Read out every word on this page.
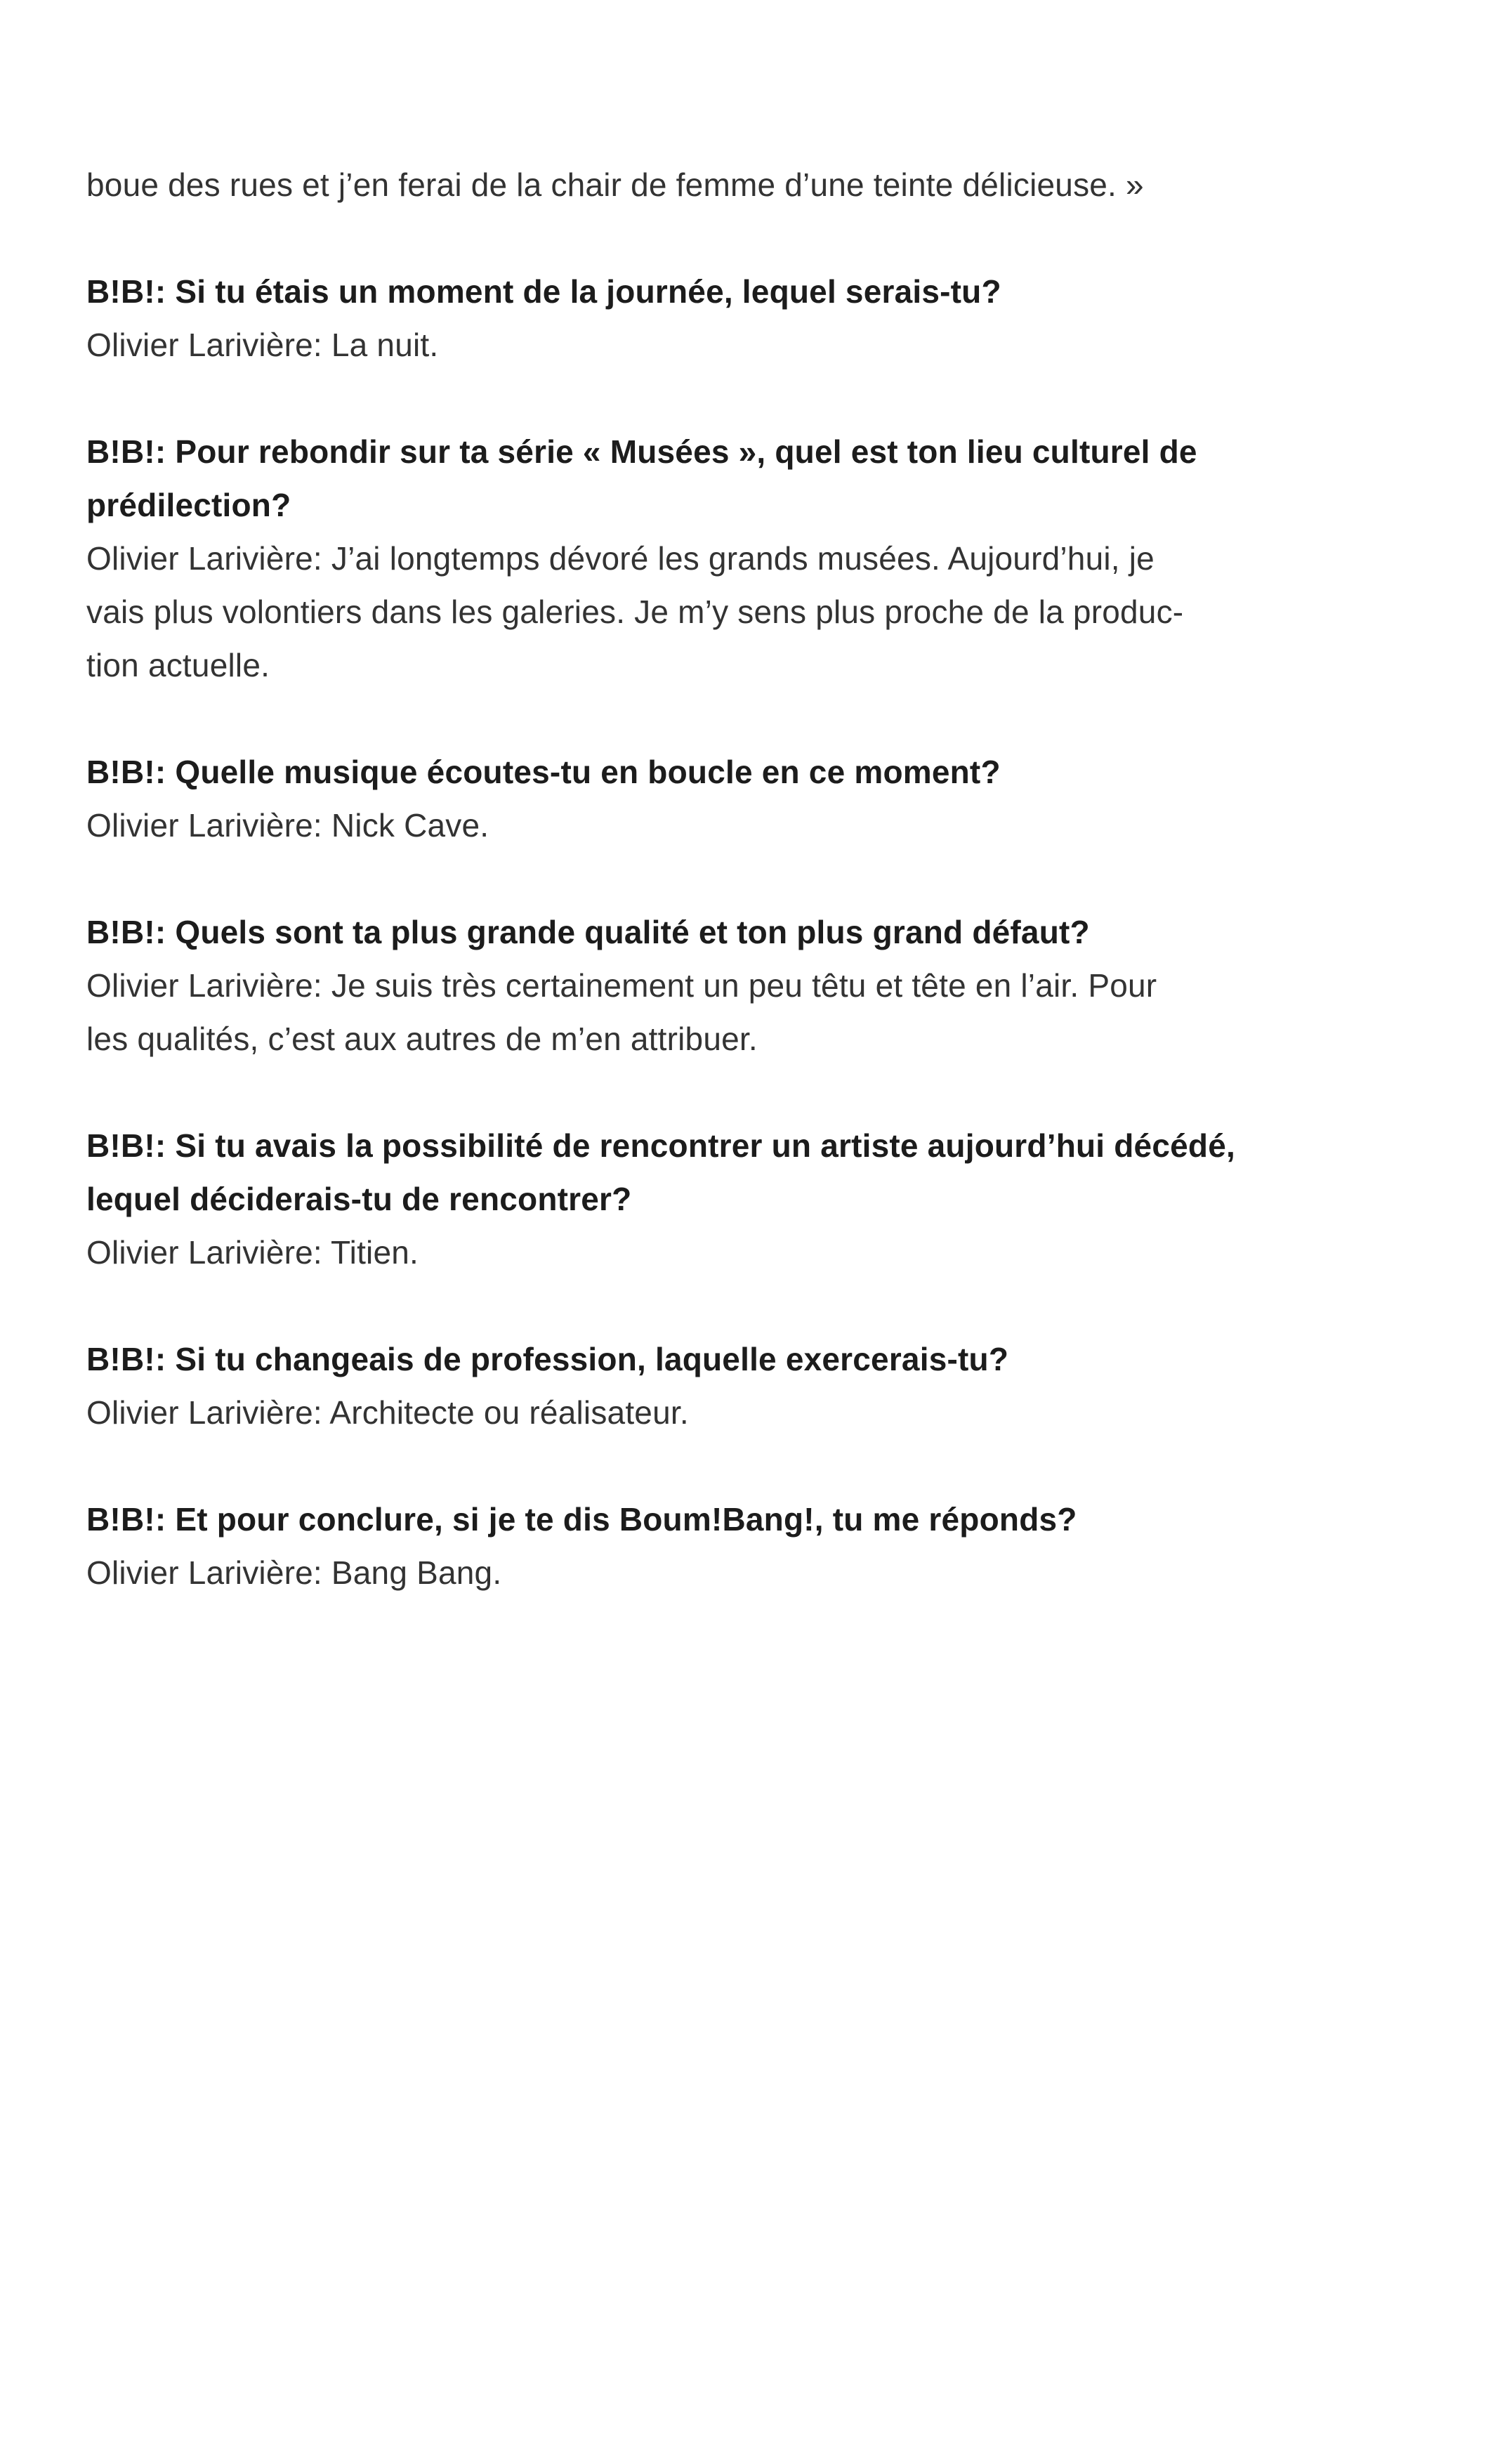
boue des rues et j’en ferai de la chair de femme d’une teinte délicieuse. »

B!B!: Si tu étais un moment de la journée, lequel serais-tu?
Olivier Larivière: La nuit.
B!B!: Pour rebondir sur ta série « Musées », quel est ton lieu culturel de
prédilection?
Olivier Larivière: J’ai longtemps dévoré les grands musées. Aujourd’hui, je
vais plus volontiers dans les galeries. Je m’y sens plus proche de la produc-
tion actuelle.
B!B!: Quelle musique écoutes-tu en boucle en ce moment?
Olivier Larivière: Nick Cave.
B!B!: Quels sont ta plus grande qualité et ton plus grand défaut?
Olivier Larivière: Je suis très certainement un peu têtu et tête en l’air. Pour
les qualités, c’est aux autres de m’en attribuer.
B!B!: Si tu avais la possibilité de rencontrer un artiste aujourd’hui décédé,
lequel déciderais-tu de rencontrer?
Olivier Larivière: Titien.
B!B!: Si tu changeais de profession, laquelle exercerais-tu?
Olivier Larivière: Architecte ou réalisateur.
B!B!: Et pour conclure, si je te dis Boum!Bang!, tu me réponds?
Olivier Larivière: Bang Bang.
